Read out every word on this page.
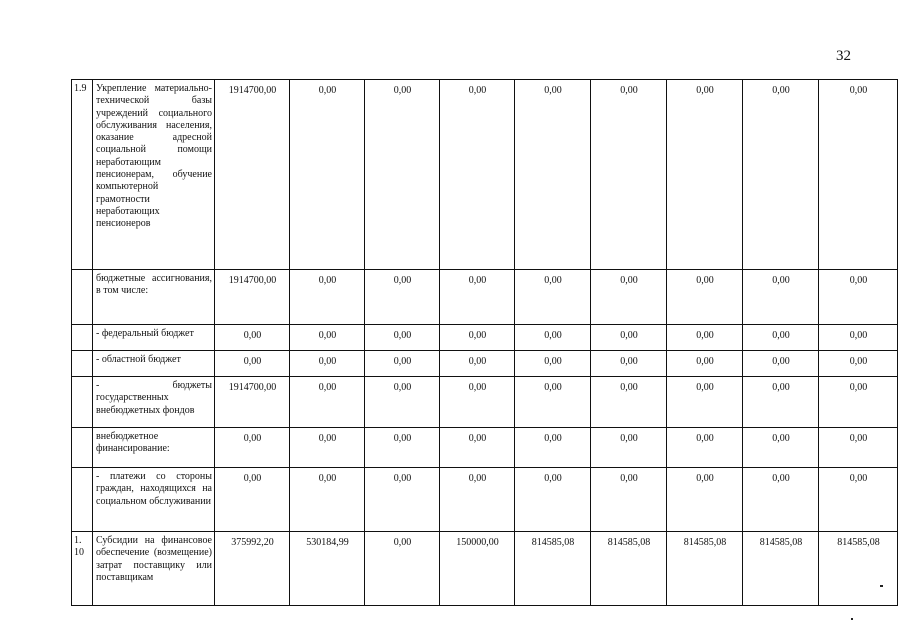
32
1.9	Укрепление материально-технической базы учреждений социального обслуживания населения, оказание адресной социальной помощи неработающим пенсионерам, обучение компьютерной грамотности неработающих пенсионеров	1914700,00	0,00	0,00	0,00	0,00	0,00	0,00	0,00	0,00
	бюджетные ассигнования, в том числе:	1914700,00	0,00	0,00	0,00	0,00	0,00	0,00	0,00	0,00
	- федеральный бюджет	0,00	0,00	0,00	0,00	0,00	0,00	0,00	0,00	0,00
	- областной бюджет	0,00	0,00	0,00	0,00	0,00	0,00	0,00	0,00	0,00
	- бюджеты государственных внебюджетных фондов	1914700,00	0,00	0,00	0,00	0,00	0,00	0,00	0,00	0,00
	внебюджетное финансирование:	0,00	0,00	0,00	0,00	0,00	0,00	0,00	0,00	0,00
	- платежи со стороны граждан, находящихся на социальном обслуживании	0,00	0,00	0,00	0,00	0,00	0,00	0,00	0,00	0,00
1.10	Субсидии на финансовое обеспечение (возмещение) затрат поставщику или поставщикам	375992,20	530184,99	0,00	150000,00	814585,08	814585,08	814585,08	814585,08	814585,08
